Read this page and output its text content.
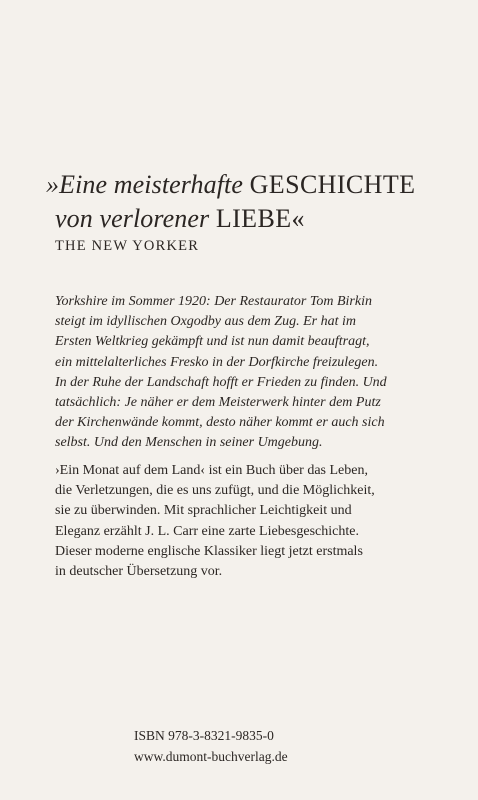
»Eine meisterhafte GESCHICHTE
von verlorener LIEBE«
THE NEW YORKER
Yorkshire im Sommer 1920: Der Restaurator Tom Birkin
steigt im idyllischen Oxgodby aus dem Zug. Er hat im
Ersten Weltkrieg gekämpft und ist nun damit beauftragt,
ein mittelalterliches Fresko in der Dorfkirche freizulegen.
In der Ruhe der Landschaft hofft er Frieden zu finden. Und
tatsächlich: Je näher er dem Meisterwerk hinter dem Putz
der Kirchenwände kommt, desto näher kommt er auch sich
selbst. Und den Menschen in seiner Umgebung.
›Ein Monat auf dem Land‹ ist ein Buch über das Leben,
die Verletzungen, die es uns zufügt, und die Möglichkeit,
sie zu überwinden. Mit sprachlicher Leichtigkeit und
Eleganz erzählt J. L. Carr eine zarte Liebesgeschichte.
Dieser moderne englische Klassiker liegt jetzt erstmals
in deutscher Übersetzung vor.
ISBN 978-3-8321-9835-0
www.dumont-buchverlag.de
